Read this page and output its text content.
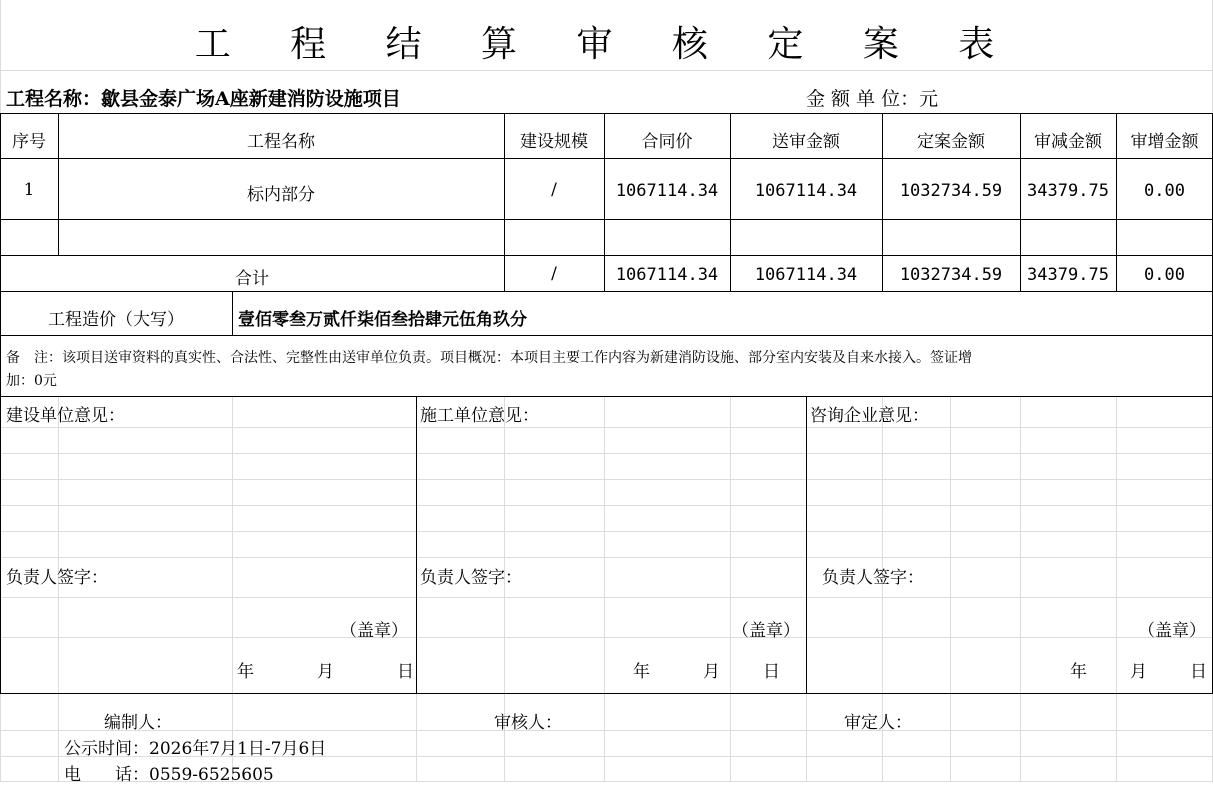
工 程 结 算 审 核 定 案 表
工程名称：歙县金泰广场A座新建消防设施项目	金 额 单 位：元
序号	工程名称	建设规模	合同价	送审金额	定案金额	审减金额	审增金额
1	标内部分	/	1067114.34	1067114.34	1032734.59	34379.75	0.00
合计	/	1067114.34	1067114.34	1032734.59	34379.75	0.00
工程造价（大写）	壹佰零叁万贰仟柒佰叁拾肆元伍角玖分
备　注：该项目送审资料的真实性、合法性、完整性由送审单位负责。项目概况：本项目主要工作内容为新建消防设施、部分室内安装及自来水接入。签证增
加：0元
建设单位意见：	施工单位意见：	咨询企业意见：
负责人签字：	负责人签字：	负责人签字：
（盖章）	（盖章）	（盖章）
年	月	日	年	月	日	年	月	日
编制人：	审核人：	审定人：
公示时间：2026年7月1日-7月6日
电　　话：0559-6525605
